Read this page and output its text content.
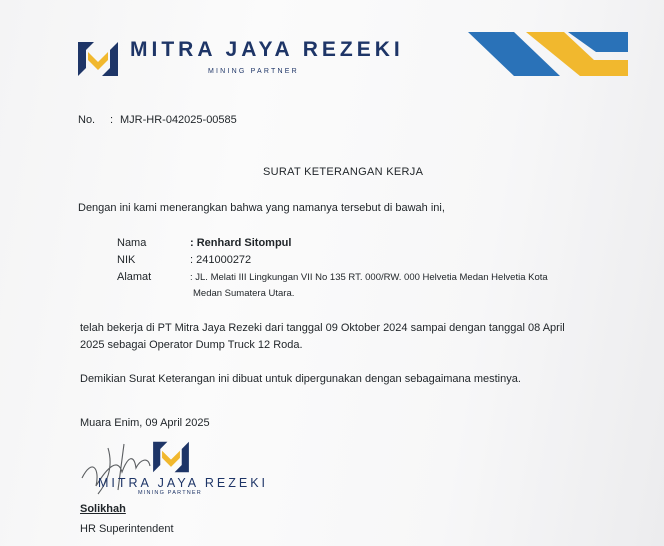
MITRA JAYA REZEKI
MINING PARTNER
No. : MJR-HR-042025-00585
SURAT KETERANGAN KERJA
Dengan ini kami menerangkan bahwa yang namanya tersebut di bawah ini,
Nama	: Renhard Sitompul
NIK	: 241000272
Alamat	: JL. Melati III Lingkungan VII No 135 RT. 000/RW. 000 Helvetia Medan Helvetia Kota
Medan Sumatera Utara.
telah bekerja di PT Mitra Jaya Rezeki dari tanggal 09 Oktober 2024 sampai dengan tanggal 08 April
2025 sebagai Operator Dump Truck 12 Roda.
Demikian Surat Keterangan ini dibuat untuk dipergunakan dengan sebagaimana mestinya.
Muara Enim, 09 April 2025
MITRA JAYA REZEKI
MINING PARTNER
Solikhah
HR Superintendent
